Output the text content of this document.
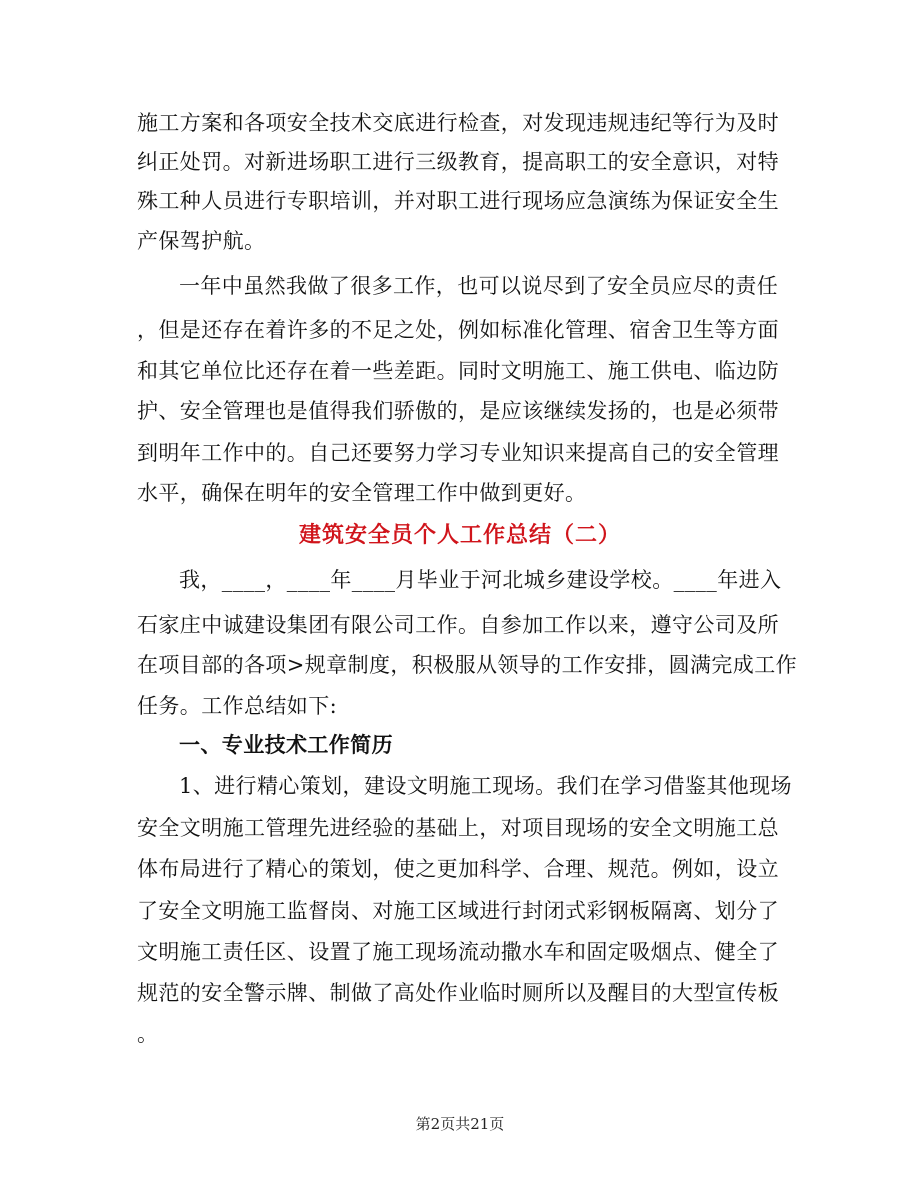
施工方案和各项安全技术交底进行检查，对发现违规违纪等行为及时
纠正处罚。对新进场职工进行三级教育，提高职工的安全意识，对特
殊工种人员进行专职培训，并对职工进行现场应急演练为保证安全生
产保驾护航。
一年中虽然我做了很多工作，也可以说尽到了安全员应尽的责任
，但是还存在着许多的不足之处，例如标准化管理、宿舍卫生等方面
和其它单位比还存在着一些差距。同时文明施工、施工供电、临边防
护、安全管理也是值得我们骄傲的，是应该继续发扬的，也是必须带
到明年工作中的。自己还要努力学习专业知识来提高自己的安全管理
水平，确保在明年的安全管理工作中做到更好。
建筑安全员个人工作总结（二）
我，____，____年____月毕业于河北城乡建设学校。____年进入
石家庄中诚建设集团有限公司工作。自参加工作以来，遵守公司及所
在项目部的各项>规章制度，积极服从领导的工作安排，圆满完成工作
任务。工作总结如下:
一、专业技术工作简历
1、进行精心策划，建设文明施工现场。我们在学习借鉴其他现场
安全文明施工管理先进经验的基础上，对项目现场的安全文明施工总
体布局进行了精心的策划，使之更加科学、合理、规范。例如，设立
了安全文明施工监督岗、对施工区域进行封闭式彩钢板隔离、划分了
文明施工责任区、设置了施工现场流动撒水车和固定吸烟点、健全了
规范的安全警示牌、制做了高处作业临时厕所以及醒目的大型宣传板
。
第2页共21页
